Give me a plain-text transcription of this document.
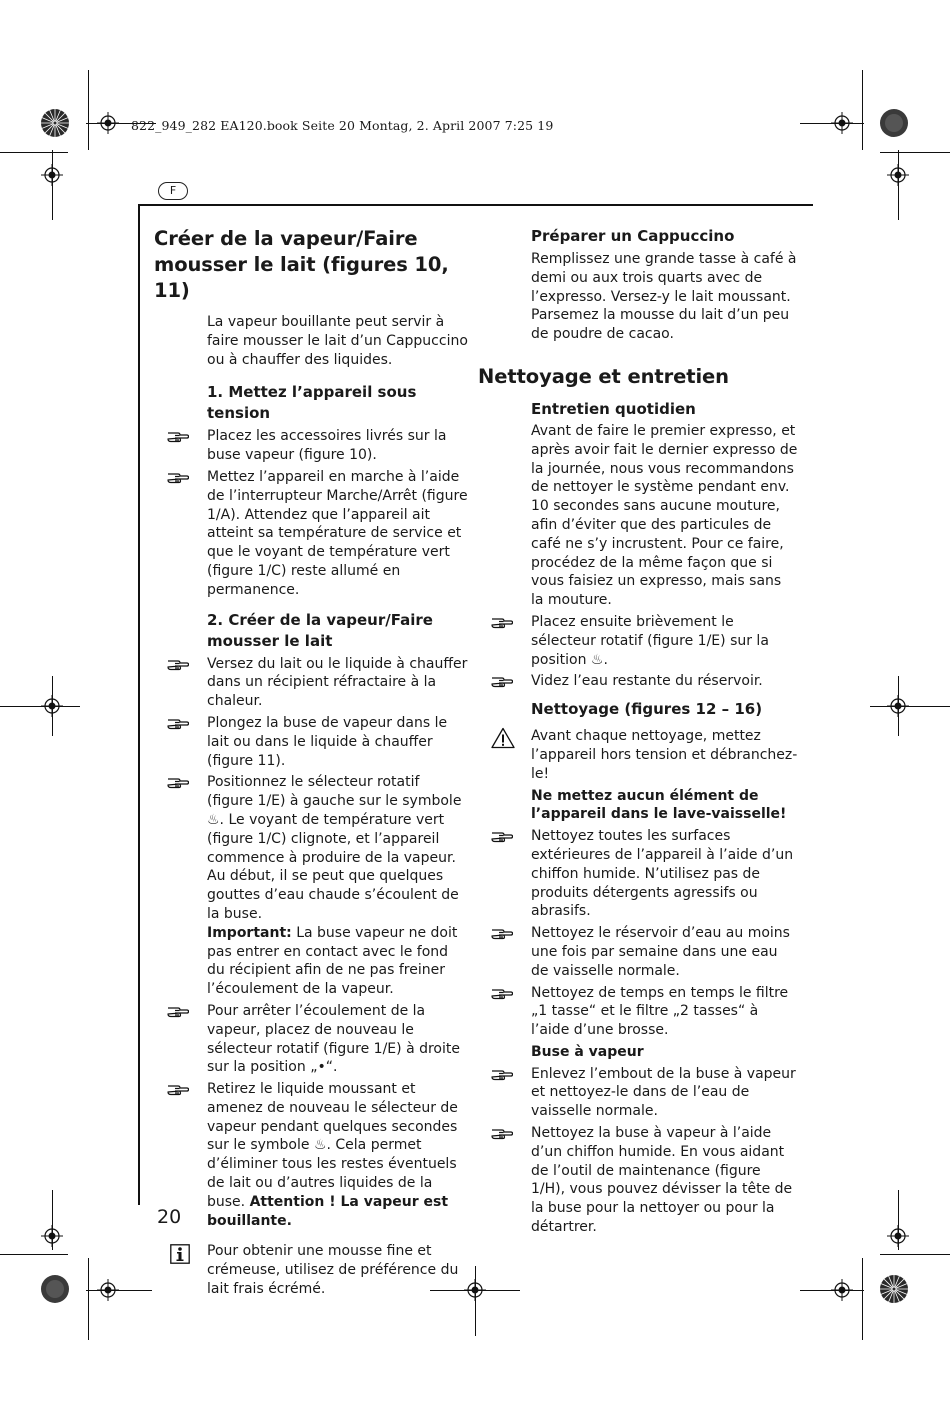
822_949_282 EA120.book Seite 20 Montag, 2. April 2007 7:25 19
F
20
Créer de la vapeur/Faire mousser le lait (figures 10, 11)

La vapeur bouillante peut servir à faire mousser le lait d’un Cappuccino ou à chauffer des liquides.

1. Mettez l’appareil sous tension

Placez les accessoires livrés sur la buse vapeur (figure 10).

Mettez l’appareil en marche à l’aide de l’interrupteur Marche/Arrêt (figure 1/A). Attendez que l’appareil ait atteint sa température de service et que le voyant de température vert (figure 1/C) reste allumé en permanence.

2. Créer de la vapeur/Faire mousser le lait

Versez du lait ou le liquide à chauffer dans un récipient réfractaire à la chaleur.

Plongez la buse de vapeur dans le lait ou dans le liquide à chauffer (figure 11).

Positionnez le sélecteur rotatif (figure 1/E) à gauche sur le symbole ♨. Le voyant de température vert (figure 1/C) clignote, et l’appareil commence à produire de la vapeur. Au début, il se peut que quelques gouttes d’eau chaude s’écoulent de la buse.
Important: La buse vapeur ne doit pas entrer en contact avec le fond du récipient afin de ne pas freiner l’écoulement de la vapeur.

Pour arrêter l’écoulement de la vapeur, placez de nouveau le sélecteur rotatif (figure 1/E) à droite sur la position „•“.

Retirez le liquide moussant et amenez de nouveau le sélecteur de vapeur pendant quelques secondes sur le symbole ♨. Cela permet d’éliminer tous les restes éventuels de lait ou d’autres liquides de la buse. Attention ! La vapeur est bouillante.

Pour obtenir une mousse fine et crémeuse, utilisez de préférence du lait frais écrémé.

Préparer un Cappuccino

Remplissez une grande tasse à café à demi ou aux trois quarts avec de l’expresso. Versez-y le lait moussant. Parsemez la mousse du lait d’un peu de poudre de cacao.

Nettoyage et entretien
Entretien quotidien

Avant de faire le premier expresso, et après avoir fait le dernier expresso de la journée, nous vous recommandons de nettoyer le système pendant env. 10 secondes sans aucune mouture, afin d’éviter que des particules de café ne s’y incrustent. Pour ce faire, procédez de la même façon que si vous faisiez un expresso, mais sans la mouture.

Placez ensuite brièvement le sélecteur rotatif (figure 1/E) sur la position ♨.

Videz l’eau restante du réservoir.

Nettoyage (figures 12 – 16)

Avant chaque nettoyage, mettez l’appareil hors tension et débranchez-le!

Ne mettez aucun élément de l’appareil dans le lave-vaisselle!

Nettoyez toutes les surfaces extérieures de l’appareil à l’aide d’un chiffon humide. N’utilisez pas de produits détergents agressifs ou abrasifs.

Nettoyez le réservoir d’eau au moins une fois par semaine dans une eau de vaisselle normale.

Nettoyez de temps en temps le filtre „1 tasse“ et le filtre „2 tasses“ à l’aide d’une brosse.

Buse à vapeur

Enlevez l’embout de la buse à vapeur et nettoyez-le dans de l’eau de vaisselle normale.

Nettoyez la buse à vapeur à l’aide d’un chiffon humide. En vous aidant de l’outil de maintenance (figure 1/H), vous pouvez dévisser la tête de la buse pour la nettoyer ou pour la détartrer.
